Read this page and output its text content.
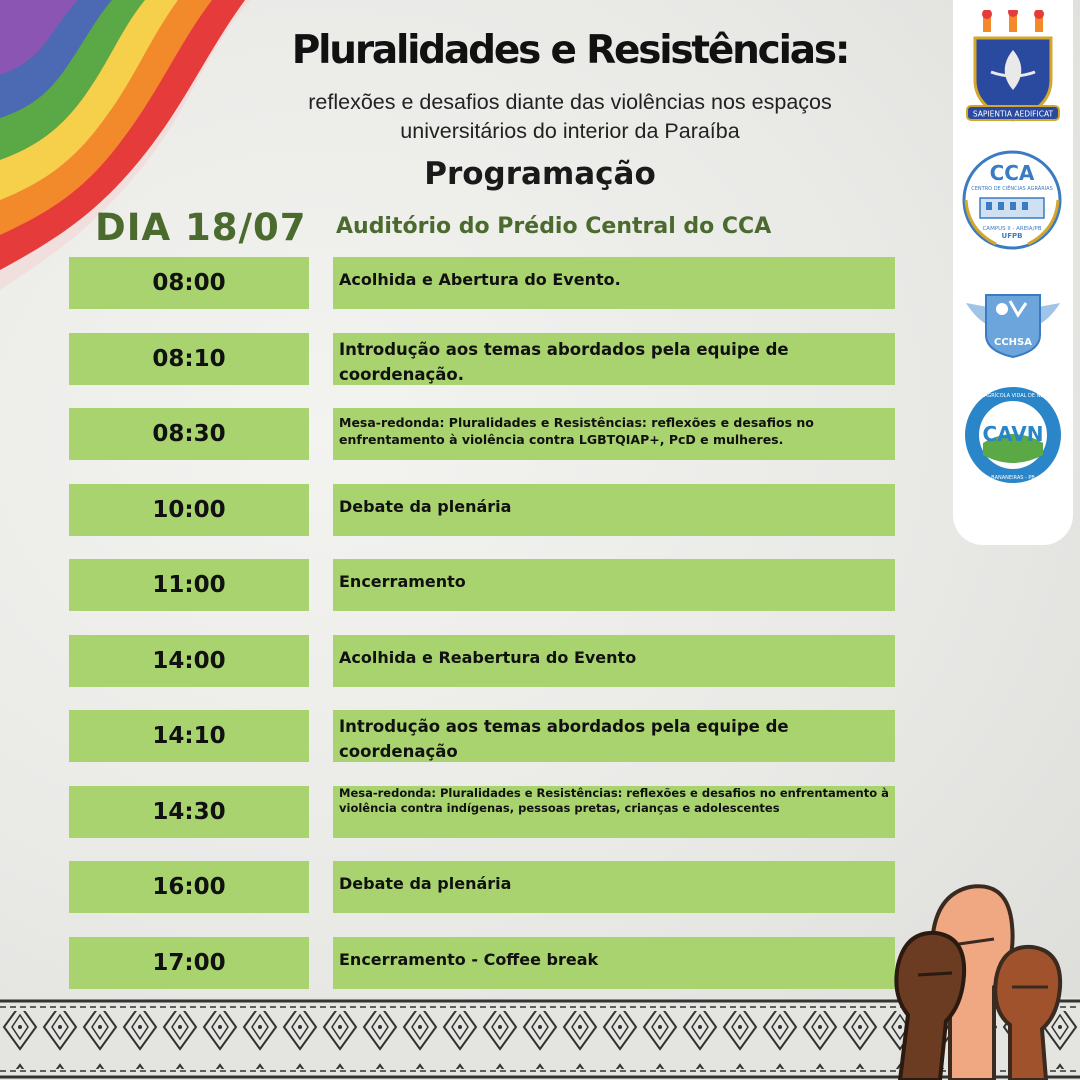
Pluralidades e Resistências:
reflexões e desafios diante das violências nos espaços
universitários do interior da Paraíba
Programação
DIA 18/07 Auditório do Prédio Central do CCA
08:00	Acolhida e Abertura do Evento.
08:10	Introdução aos temas abordados pela equipe de coordenação.
08:30	Mesa-redonda: Pluralidades e Resistências: reflexões e desafios no enfrentamento à violência contra LGBTQIAP+, PcD e mulheres.
10:00	Debate da plenária
11:00	Encerramento
14:00	Acolhida e Reabertura do Evento
14:10	Introdução aos temas abordados pela equipe de coordenação
14:30
Mesa-redonda: Pluralidades e Resistências: reflexões e desafios no enfrentamento à violência contra indígenas, pessoas pretas, crianças e adolescentes
16:00	Debate da plenária
17:00	Encerramento - Coffee break
SAPIENTIA AEDIFICAT
CCA
CENTRO DE CIÊNCIAS AGRÁRIAS
CAMPUS II - AREIA/PB
UFPB
CCHSA
CAVN
COLÉGIO AGRÍCOLA VIDAL DE NEGREIROS
BANANEIRAS - PB
